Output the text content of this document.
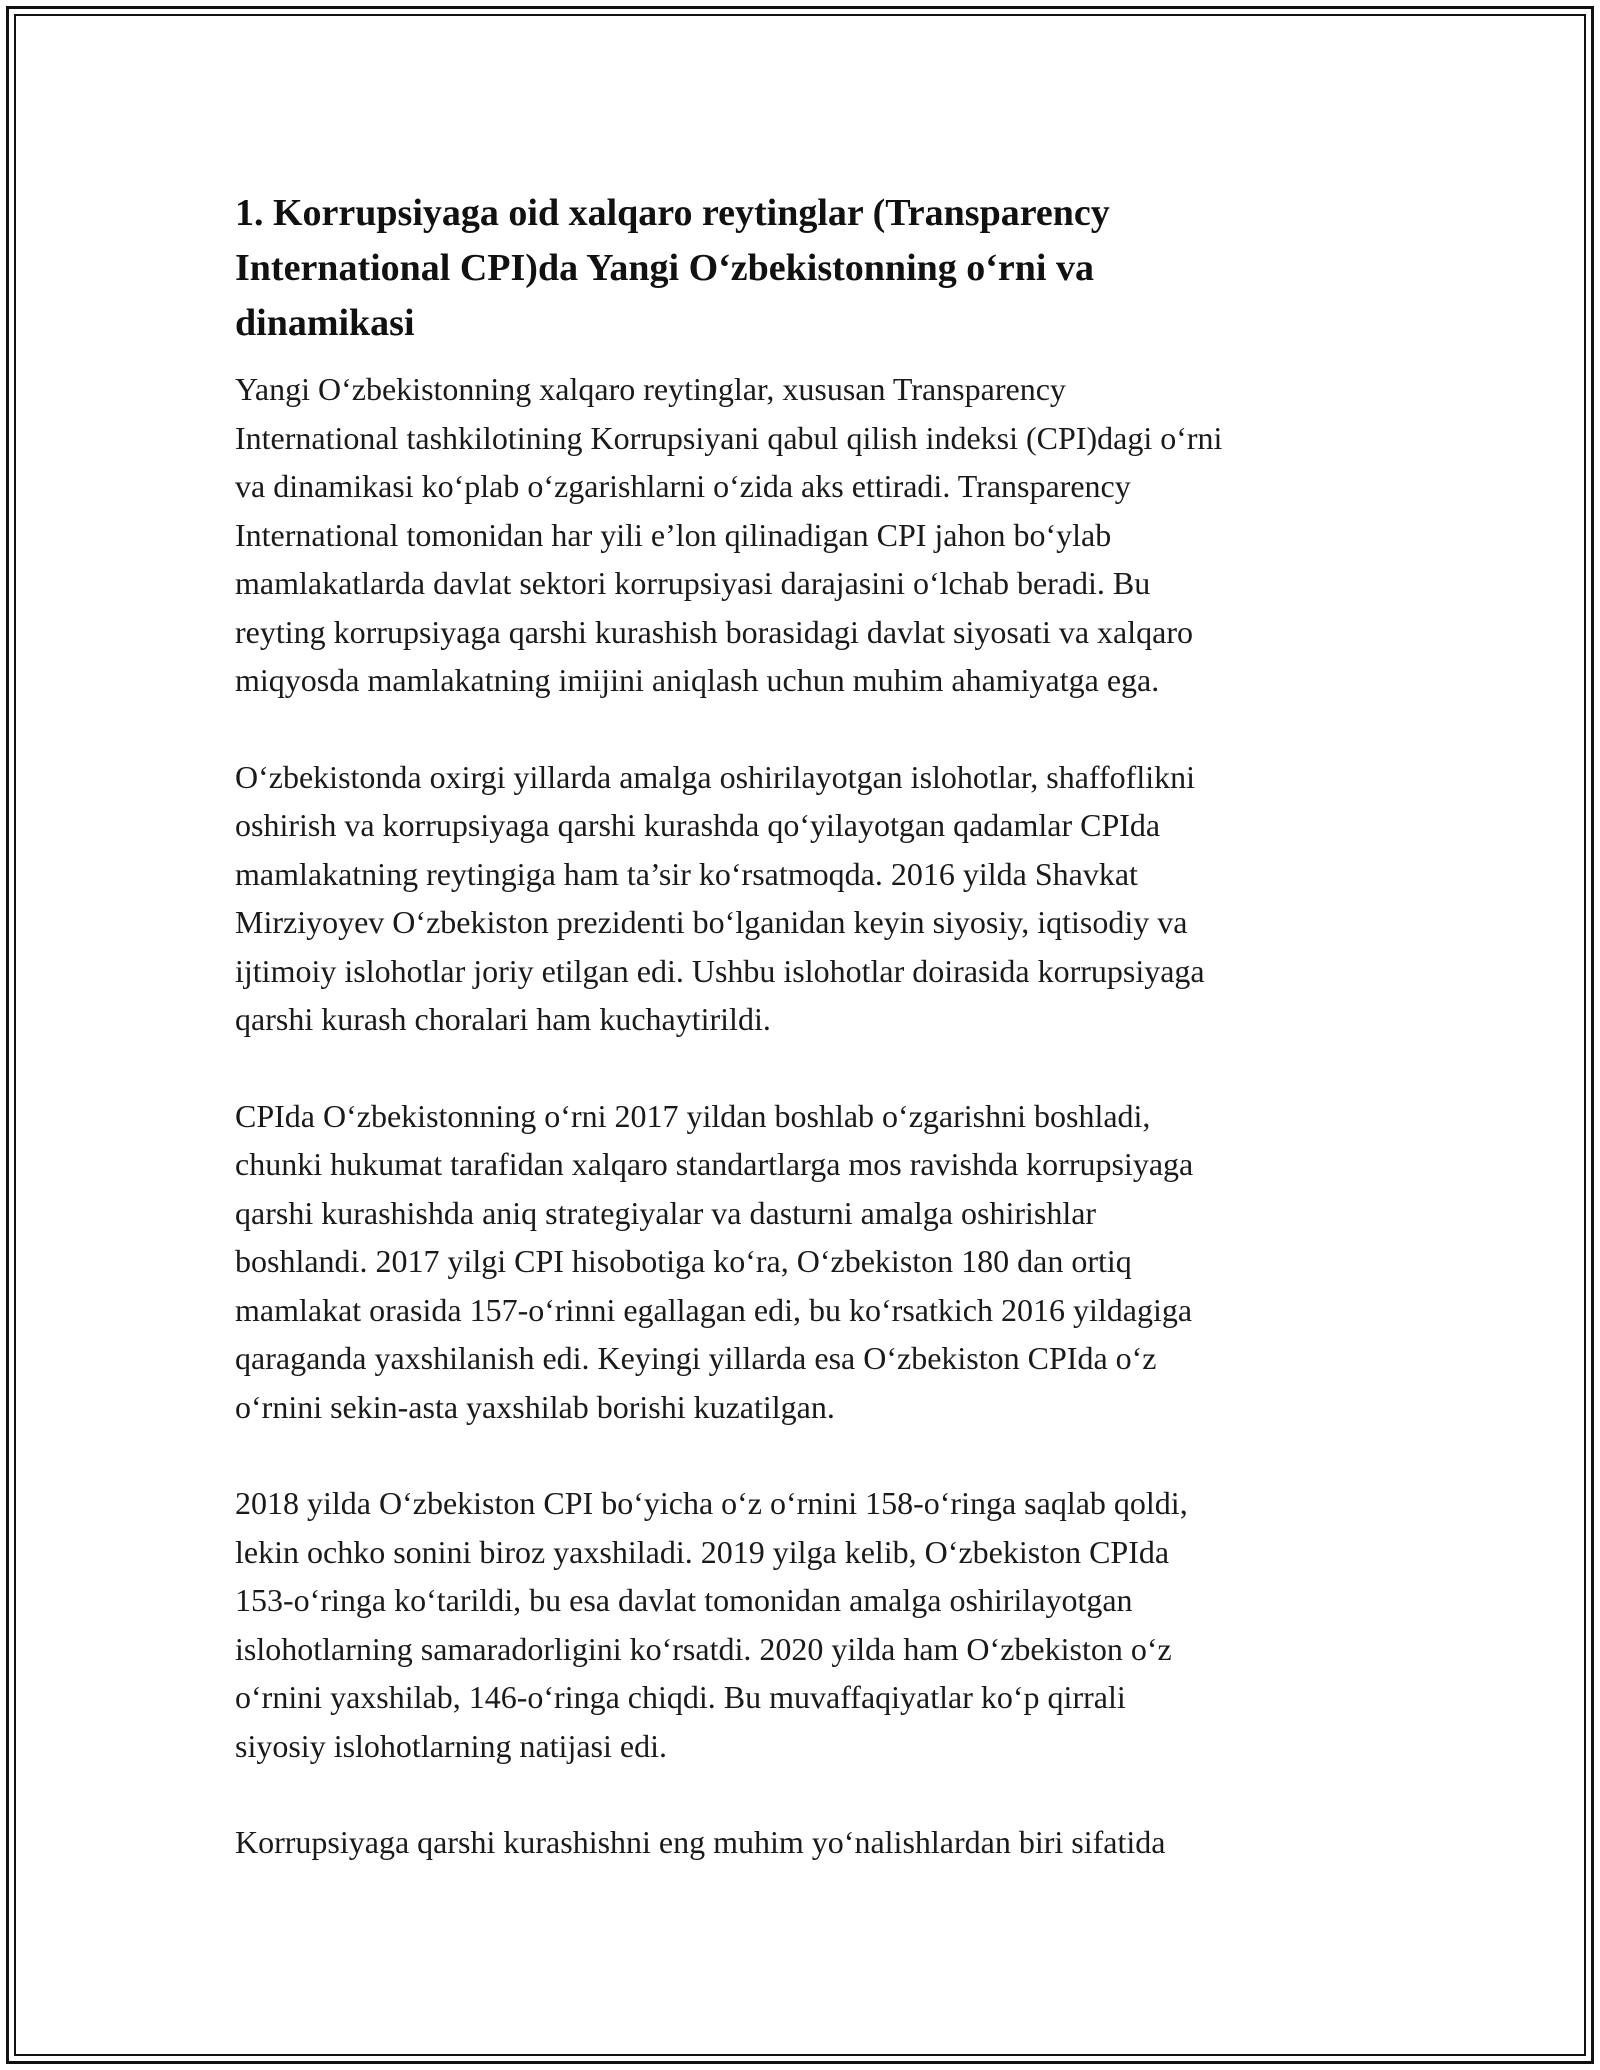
1. Korrupsiyaga oid xalqaro reytinglar (Transparency
International CPI)da Yangi O‘zbekistonning o‘rni va
dinamikasi

Yangi O‘zbekistonning xalqaro reytinglar, xususan Transparency
International tashkilotining Korrupsiyani qabul qilish indeksi (CPI)dagi o‘rni
va dinamikasi ko‘plab o‘zgarishlarni o‘zida aks ettiradi. Transparency
International tomonidan har yili e’lon qilinadigan CPI jahon bo‘ylab
mamlakatlarda davlat sektori korrupsiyasi darajasini o‘lchab beradi. Bu
reyting korrupsiyaga qarshi kurashish borasidagi davlat siyosati va xalqaro
miqyosda mamlakatning imijini aniqlash uchun muhim ahamiyatga ega.

O‘zbekistonda oxirgi yillarda amalga oshirilayotgan islohotlar, shaffoflikni
oshirish va korrupsiyaga qarshi kurashda qo‘yilayotgan qadamlar CPIda
mamlakatning reytingiga ham ta’sir ko‘rsatmoqda. 2016 yilda Shavkat
Mirziyoyev O‘zbekiston prezidenti bo‘lganidan keyin siyosiy, iqtisodiy va
ijtimoiy islohotlar joriy etilgan edi. Ushbu islohotlar doirasida korrupsiyaga
qarshi kurash choralari ham kuchaytirildi.

CPIda O‘zbekistonning o‘rni 2017 yildan boshlab o‘zgarishni boshladi,
chunki hukumat tarafidan xalqaro standartlarga mos ravishda korrupsiyaga
qarshi kurashishda aniq strategiyalar va dasturni amalga oshirishlar
boshlandi. 2017 yilgi CPI hisobotiga ko‘ra, O‘zbekiston 180 dan ortiq
mamlakat orasida 157-o‘rinni egallagan edi, bu ko‘rsatkich 2016 yildagiga
qaraganda yaxshilanish edi. Keyingi yillarda esa O‘zbekiston CPIda o‘z
o‘rnini sekin-asta yaxshilab borishi kuzatilgan.

2018 yilda O‘zbekiston CPI bo‘yicha o‘z o‘rnini 158-o‘ringa saqlab qoldi,
lekin ochko sonini biroz yaxshiladi. 2019 yilga kelib, O‘zbekiston CPIda
153-o‘ringa ko‘tarildi, bu esa davlat tomonidan amalga oshirilayotgan
islohotlarning samaradorligini ko‘rsatdi. 2020 yilda ham O‘zbekiston o‘z
o‘rnini yaxshilab, 146-o‘ringa chiqdi. Bu muvaffaqiyatlar ko‘p qirrali
siyosiy islohotlarning natijasi edi.

Korrupsiyaga qarshi kurashishni eng muhim yo‘nalishlardan biri sifatida
